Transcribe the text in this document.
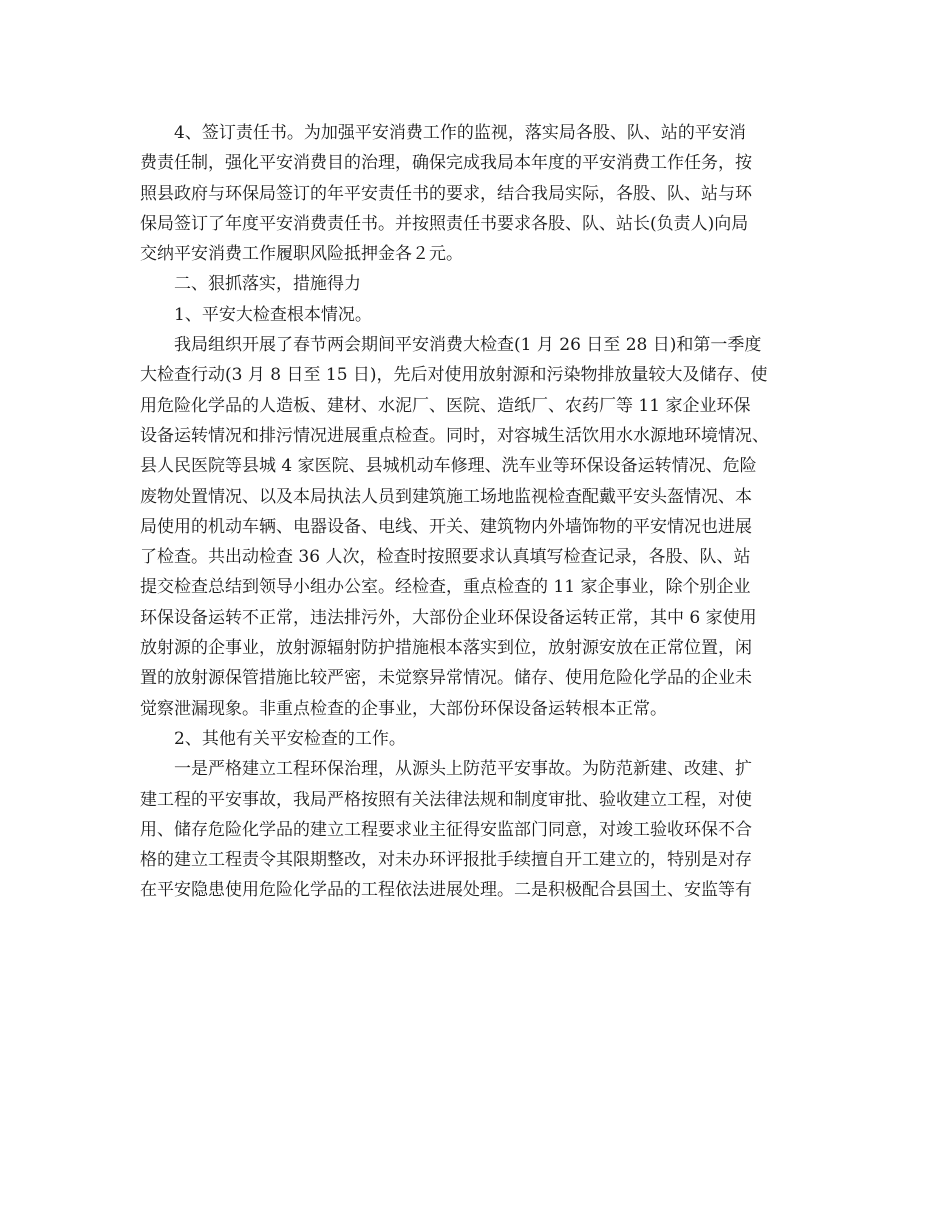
4、签订责任书。为加强平安消费工作的监视，落实局各股、队、站的平安消
费责任制，强化平安消费目的治理，确保完成我局本年度的平安消费工作任务，按
照县政府与环保局签订的年平安责任书的要求，结合我局实际，各股、队、站与环
保局签订了年度平安消费责任书。并按照责任书要求各股、队、站长(负责人)向局
交纳平安消费工作履职风险抵押金各２元。
二、狠抓落实，措施得力
1、平安大检查根本情况。
我局组织开展了春节两会期间平安消费大检查(1 月 26 日至 28 日)和第一季度
大检查行动(3 月 8 日至 15 日)，先后对使用放射源和污染物排放量较大及储存、使
用危险化学品的人造板、建材、水泥厂、医院、造纸厂、农药厂等 11 家企业环保
设备运转情况和排污情况进展重点检查。同时，对容城生活饮用水水源地环境情况、
县人民医院等县城 4 家医院、县城机动车修理、洗车业等环保设备运转情况、危险
废物处置情况、以及本局执法人员到建筑施工场地监视检查配戴平安头盔情况、本
局使用的机动车辆、电器设备、电线、开关、建筑物内外墙饰物的平安情况也进展
了检查。共出动检查 36 人次，检查时按照要求认真填写检查记录，各股、队、站
提交检查总结到领导小组办公室。经检查，重点检查的 11 家企事业，除个别企业
环保设备运转不正常，违法排污外，大部份企业环保设备运转正常，其中 6 家使用
放射源的企事业，放射源辐射防护措施根本落实到位，放射源安放在正常位置，闲
置的放射源保管措施比较严密，未觉察异常情况。储存、使用危险化学品的企业未
觉察泄漏现象。非重点检查的企事业，大部份环保设备运转根本正常。
2、其他有关平安检查的工作。
一是严格建立工程环保治理，从源头上防范平安事故。为防范新建、改建、扩
建工程的平安事故，我局严格按照有关法律法规和制度审批、验收建立工程，对使
用、储存危险化学品的建立工程要求业主征得安监部门同意，对竣工验收环保不合
格的建立工程责令其限期整改，对未办环评报批手续擅自开工建立的，特别是对存
在平安隐患使用危险化学品的工程依法进展处理。二是积极配合县国土、安监等有
